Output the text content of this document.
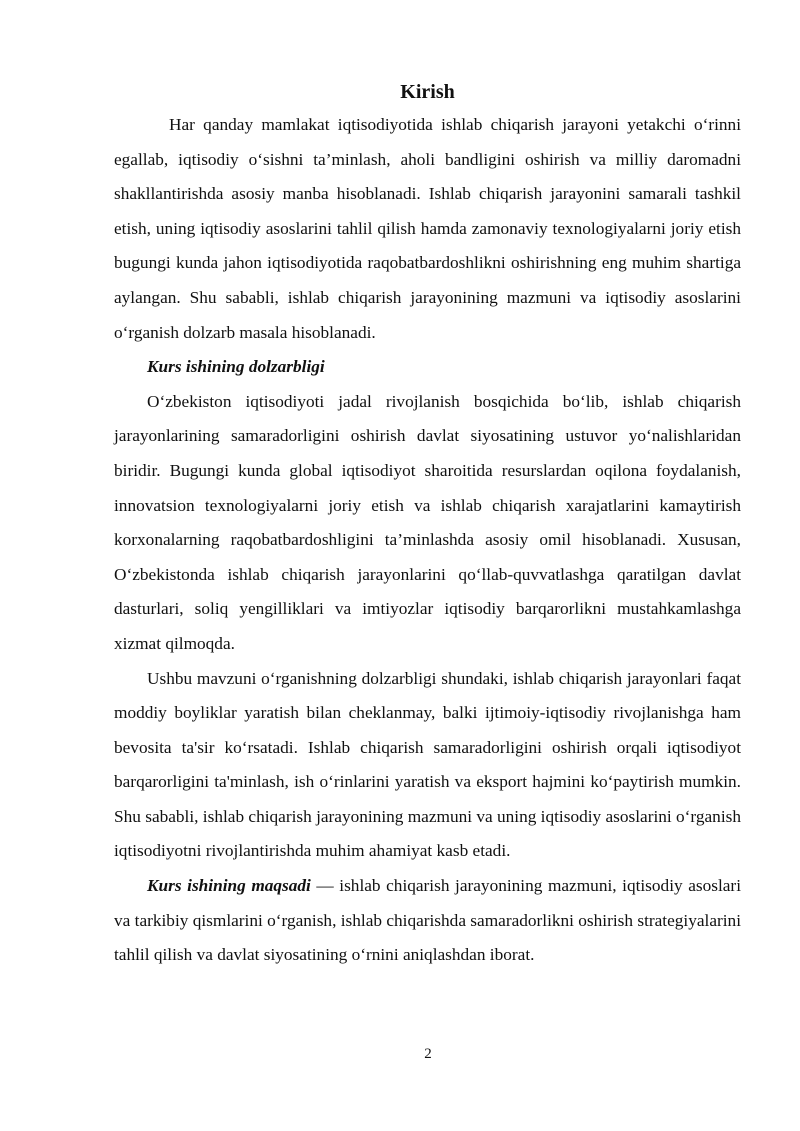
Kirish

Har qanday mamlakat iqtisodiyotida ishlab chiqarish jarayoni yetakchi o‘rinni egallab, iqtisodiy o‘sishni ta’minlash, aholi bandligini oshirish va milliy daromadni shakllantirishda asosiy manba hisoblanadi. Ishlab chiqarish jarayonini samarali tashkil etish, uning iqtisodiy asoslarini tahlil qilish hamda zamonaviy texnologiyalarni joriy etish bugungi kunda jahon iqtisodiyotida raqobatbardoshlikni oshirishning eng muhim shartiga aylangan. Shu sababli, ishlab chiqarish jarayonining mazmuni va iqtisodiy asoslarini o‘rganish dolzarb masala hisoblanadi.

Kurs ishining dolzarbligi

O‘zbekiston iqtisodiyoti jadal rivojlanish bosqichida bo‘lib, ishlab chiqarish jarayonlarining samaradorligini oshirish davlat siyosatining ustuvor yo‘nalishlaridan biridir. Bugungi kunda global iqtisodiyot sharoitida resurslardan oqilona foydalanish, innovatsion texnologiyalarni joriy etish va ishlab chiqarish xarajatlarini kamaytirish korxonalarning raqobatbardoshligini ta’minlashda asosiy omil hisoblanadi. Xususan, O‘zbekistonda ishlab chiqarish jarayonlarini qo‘llab-quvvatlashga qaratilgan davlat dasturlari, soliq yengilliklari va imtiyozlar iqtisodiy barqarorlikni mustahkamlashga xizmat qilmoqda.

Ushbu mavzuni o‘rganishning dolzarbligi shundaki, ishlab chiqarish jarayonlari faqat moddiy boyliklar yaratish bilan cheklanmay, balki ijtimoiy-iqtisodiy rivojlanishga ham bevosita ta'sir ko‘rsatadi. Ishlab chiqarish samaradorligini oshirish orqali iqtisodiyot barqarorligini ta'minlash, ish o‘rinlarini yaratish va eksport hajmini ko‘paytirish mumkin. Shu sababli, ishlab chiqarish jarayonining mazmuni va uning iqtisodiy asoslarini o‘rganish iqtisodiyotni rivojlantirishda muhim ahamiyat kasb etadi.

Kurs ishining maqsadi — ishlab chiqarish jarayonining mazmuni, iqtisodiy asoslari va tarkibiy qismlarini o‘rganish, ishlab chiqarishda samaradorlikni oshirish strategiyalarini tahlil qilish va davlat siyosatining o‘rnini aniqlashdan iborat.

2
